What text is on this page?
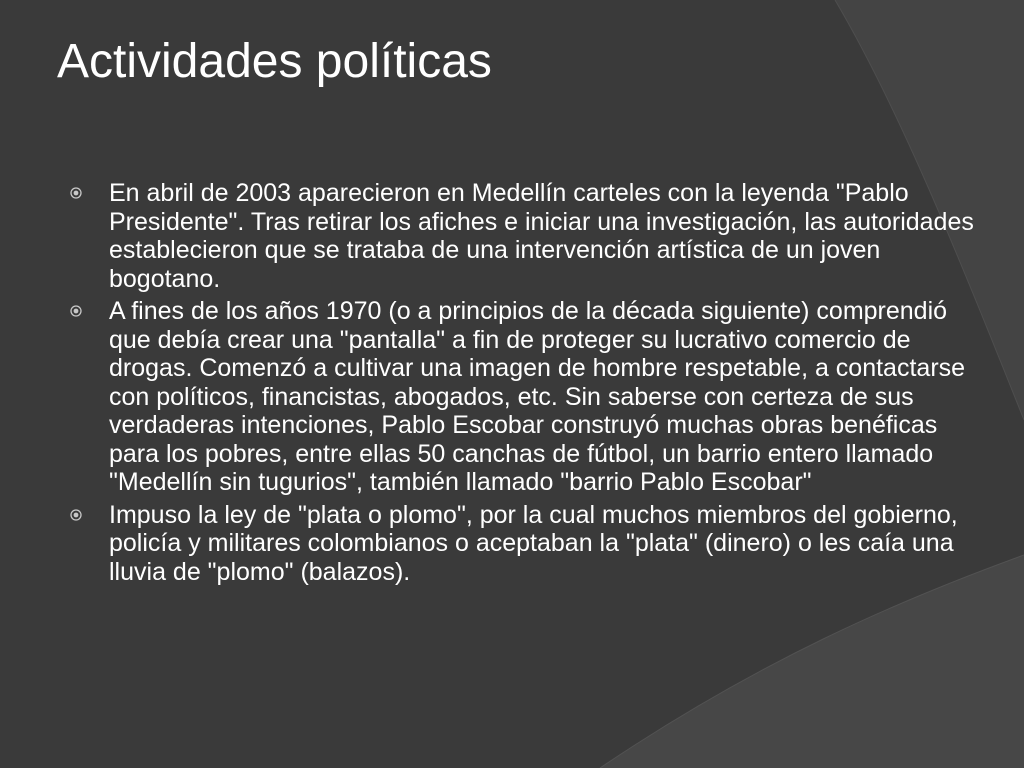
Actividades políticas
En abril de 2003 aparecieron en Medellín carteles con la leyenda "Pablo Presidente". Tras retirar los afiches e iniciar una investigación, las autoridades establecieron que se trataba de una intervención artística de un joven bogotano.
A fines de los años 1970 (o a principios de la década siguiente) comprendió que debía crear una "pantalla" a fin de proteger su lucrativo comercio de drogas. Comenzó a cultivar una imagen de hombre respetable, a contactarse con políticos, financistas, abogados, etc. Sin saberse con certeza de sus verdaderas intenciones, Pablo Escobar construyó muchas obras benéficas para los pobres, entre ellas 50 canchas de fútbol, un barrio entero llamado "Medellín sin tugurios", también llamado "barrio Pablo Escobar"
Impuso la ley de "plata o plomo", por la cual muchos miembros del gobierno, policía y militares colombianos o aceptaban la "plata" (dinero) o les caía una lluvia de "plomo" (balazos).
